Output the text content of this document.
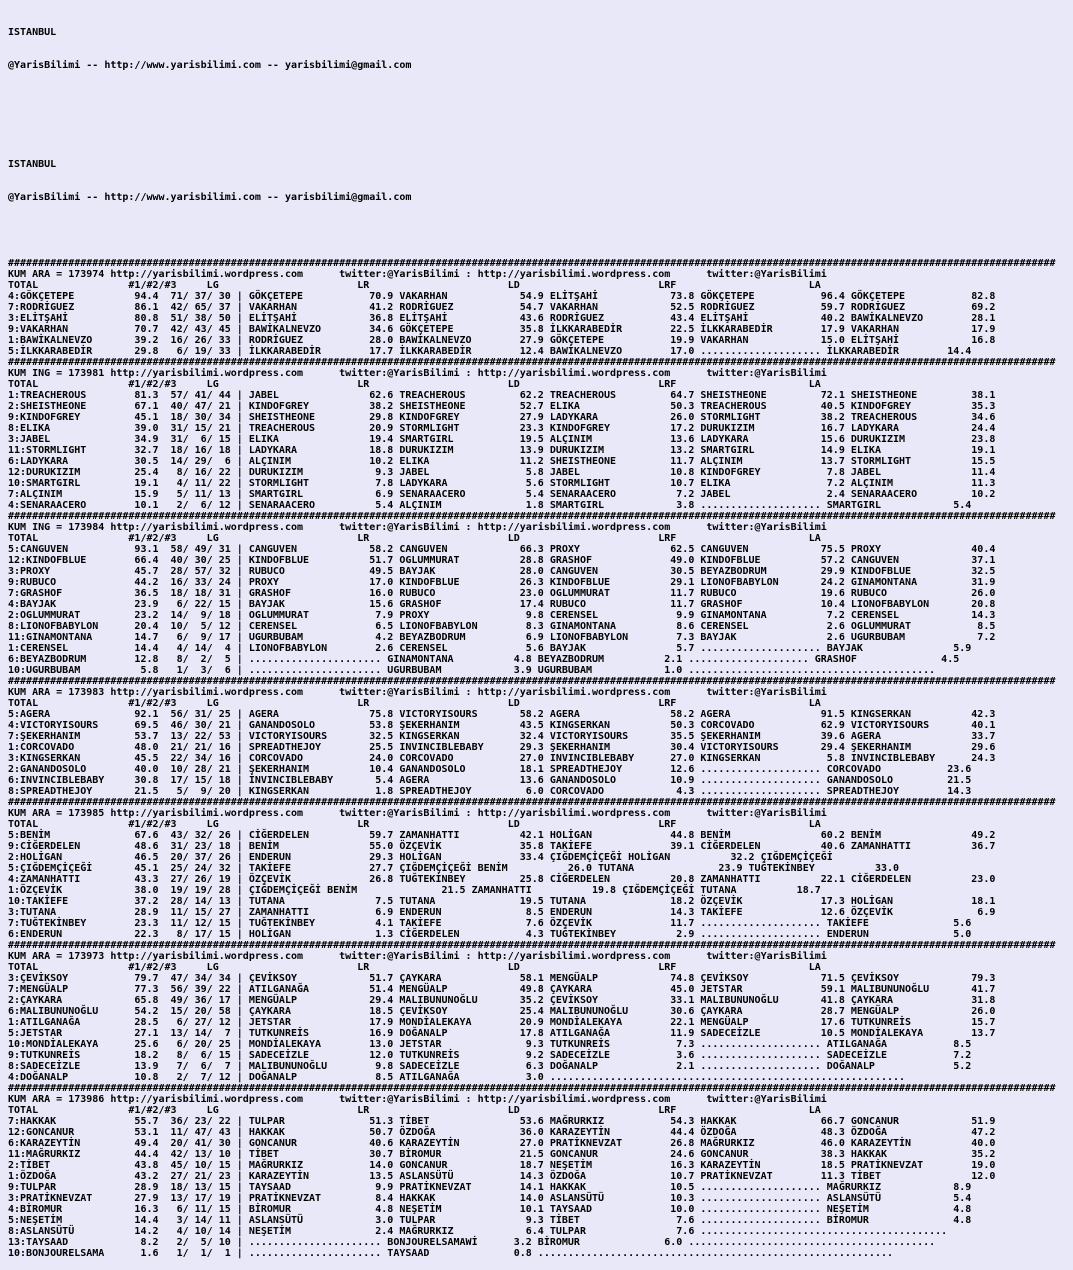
ISTANBUL

@YarisBilimi -- http://www.yarisbilimi.com -- yarisbilimi@gmail.com

ISTANBUL

@YarisBilimi -- http://www.yarisbilimi.com -- yarisbilimi@gmail.com

##############################################################################################################################################################################
KUM ARA = 173974 http://yarisbilimi.wordpress.com      twitter:@YarisBilimi : http://yarisbilimi.wordpress.com      twitter:@YarisBilimi
TOTAL               #1/#2/#3     LG                       LR                       LD                       LRF                      LA
4:GÖKÇETEPE          94.4  71/ 37/ 30 | GÖKÇETEPE           70.9 VAKARHAN            54.9 ELİTŞAHİ            73.8 GÖKÇETEPE           96.4 GÖKÇETEPE           82.8
7:RODRİGUEZ          86.1  42/ 65/ 37 | VAKARHAN            41.2 RODRİGUEZ           54.7 VAKARHAN            52.5 RODRİGUEZ           59.7 RODRİGUEZ           69.2
3:ELİTŞAHİ           80.8  51/ 38/ 50 | ELİTŞAHİ            36.8 ELİTŞAHİ            43.6 RODRİGUEZ           43.4 ELİTŞAHİ            40.2 BAWİKALNEVZO        28.1
9:VAKARHAN           70.7  42/ 43/ 45 | BAWİKALNEVZO        34.6 GÖKÇETEPE           35.8 İLKKARABEDİR        22.5 İLKKARABEDİR        17.9 VAKARHAN            17.9
1:BAWİKALNEVZO       39.2  16/ 26/ 33 | RODRİGUEZ           28.0 BAWİKALNEVZO        27.9 GÖKÇETEPE           19.9 VAKARHAN            15.0 ELİTŞAHİ            16.8
5:İLKKARABEDİR       29.8   6/ 19/ 33 | İLKKARABEDİR        17.7 İLKKARABEDİR        12.4 BAWİKALNEVZO        17.0 .................... İLKKARABEDİR        14.4
##############################################################################################################################################################################
KUM ING = 173981 http://yarisbilimi.wordpress.com      twitter:@YarisBilimi : http://yarisbilimi.wordpress.com      twitter:@YarisBilimi
TOTAL               #1/#2/#3     LG                       LR                       LD                       LRF                      LA
1:TREACHEROUS        81.3  57/ 41/ 44 | JABEL               62.6 TREACHEROUS         62.2 TREACHEROUS         64.7 SHEISTHEONE         72.1 SHEISTHEONE         38.1
2:SHEISTHEONE        67.1  40/ 47/ 21 | KINDOFGREY          38.2 SHEISTHEONE         52.7 ELIKA               50.3 TREACHEROUS         40.5 KINDOFGREY          35.3
9:KINDOFGREY         45.1  18/ 30/ 34 | SHEISTHEONE         29.8 KINDOFGREY          27.9 LADYKARA            26.0 STORMLIGHT          38.2 TREACHEROUS         34.6
8:ELIKA              39.0  31/ 15/ 21 | TREACHEROUS         20.9 STORMLIGHT          23.3 KINDOFGREY          17.2 DURUKIZIM           16.7 LADYKARA            24.4
3:JABEL              34.9  31/  6/ 15 | ELIKA               19.4 SMARTGIRL           19.5 ALÇINIM             13.6 LADYKARA            15.6 DURUKIZIM           23.8
11:STORMLIGHT        32.7  18/ 16/ 18 | LADYKARA            18.8 DURUKIZIM           13.9 DURUKIZIM           13.2 SMARTGIRL           14.9 ELIKA               19.1
6:LADYKARA           30.5  14/ 29/  6 | ALÇINIM             10.2 ELIKA               11.2 SHEISTHEONE         11.7 ALÇINIM             13.7 STORMLIGHT          15.5
12:DURUKIZIM         25.4   8/ 16/ 22 | DURUKIZIM            9.3 JABEL                5.8 JABEL               10.8 KINDOFGREY           7.8 JABEL               11.4
10:SMARTGIRL         19.1   4/ 11/ 22 | STORMLIGHT           7.8 LADYKARA             5.6 STORMLIGHT          10.7 ELIKA                7.2 ALÇINIM             11.3
7:ALÇINIM            15.9   5/ 11/ 13 | SMARTGIRL            6.9 SENARAACERO          5.4 SENARAACERO          7.2 JABEL                2.4 SENARAACERO         10.2
4:SENARAACERO        10.1   2/  6/ 12 | SENARAACERO          5.4 ALÇINIM              1.8 SMARTGIRL            3.8 .................... SMARTGIRL            5.4
##############################################################################################################################################################################
KUM ING = 173984 http://yarisbilimi.wordpress.com      twitter:@YarisBilimi : http://yarisbilimi.wordpress.com      twitter:@YarisBilimi
TOTAL               #1/#2/#3     LG                       LR                       LD                       LRF                      LA
5:CANGUVEN           93.1  58/ 49/ 31 | CANGUVEN            58.2 CANGUVEN            66.3 PROXY               62.5 CANGUVEN            75.5 PROXY               40.4
12:KINDOFBLUE        66.4  40/ 30/ 25 | KINDOFBLUE          51.7 OGLUMMURAT          28.8 GRASHOF             49.0 KINDOFBLUE          57.2 CANGUVEN            37.1
3:PROXY              45.7  28/ 57/ 32 | RUBUCO              49.5 BAYJAK              28.0 CANGUVEN            30.5 BEYAZBODRUM         29.9 KINDOFBLUE          32.5
9:RUBUCO             44.2  16/ 33/ 24 | PROXY               17.0 KINDOFBLUE          26.3 KINDOFBLUE          29.1 LIONOFBABYLON       24.2 GINAMONTANA         31.9
7:GRASHOF            36.5  18/ 18/ 31 | GRASHOF             16.0 RUBUCO              23.0 OGLUMMURAT          11.7 RUBUCO              19.6 RUBUCO              26.0
4:BAYJAK             23.9   6/ 22/ 15 | BAYJAK              15.6 GRASHOF             17.4 RUBUCO              11.7 GRASHOF             10.4 LIONOFBABYLON       20.8
2:OGLUMMURAT         23.2  14/  9/ 18 | OGLUMMURAT           7.9 PROXY                9.8 CERENSEL             9.9 GINAMONTANA          7.2 CERENSEL            14.3
8:LIONOFBABYLON      20.4  10/  5/ 12 | CERENSEL             6.5 LIONOFBABYLON        8.3 GINAMONTANA          8.6 CERENSEL             2.6 OGLUMMURAT           8.5
11:GINAMONTANA       14.7   6/  9/ 17 | UGURBUBAM            4.2 BEYAZBODRUM          6.9 LIONOFBABYLON        7.3 BAYJAK               2.6 UGURBUBAM            7.2
1:CERENSEL           14.4   4/ 14/  4 | LIONOFBABYLON        2.6 CERENSEL             5.6 BAYJAK               5.7 .................... BAYJAK               5.9
6:BEYAZBODRUM        12.8   8/  2/  5 | ...................... GINAMONTANA          4.8 BEYAZBODRUM          2.1 .................... GRASHOF              4.5
10:UGURBUBAM          5.8   1/  3/  6 | ...................... UGURBUBAM            3.9 UGURBUBAM            1.0 .........................................
##############################################################################################################################################################################
KUM ARA = 173983 http://yarisbilimi.wordpress.com      twitter:@YarisBilimi : http://yarisbilimi.wordpress.com      twitter:@YarisBilimi
TOTAL               #1/#2/#3     LG                       LR                       LD                       LRF                      LA
5:AGERA              92.1  56/ 31/ 25 | AGERA               75.8 VICTORYISOURS       58.2 AGERA               58.2 AGERA               91.5 KINGSERKAN          42.3
4:VICTORYISOURS      69.5  46/ 30/ 21 | GANANDOSOLO         53.8 ŞEKERHANIM          43.5 KINGSERKAN          50.3 CORCOVADO           62.9 VICTORYISOURS       40.1
7:ŞEKERHANIM         53.7  13/ 22/ 53 | VICTORYISOURS       32.5 KINGSERKAN          32.4 VICTORYISOURS       35.5 ŞEKERHANIM          39.6 AGERA               33.7
1:CORCOVADO          48.0  21/ 21/ 16 | SPREADTHEJOY        25.5 INVINCIBLEBABY      29.3 ŞEKERHANIM          30.4 VICTORYISOURS       29.4 ŞEKERHANIM          29.6
3:KINGSERKAN         45.5  22/ 34/ 16 | CORCOVADO           24.0 CORCOVADO           27.0 INVINCIBLEBABY      27.0 KINGSERKAN           5.8 INVINCIBLEBABY      24.3
2:GANANDOSOLO        40.0  10/ 28/ 21 | ŞEKERHANIM          10.4 GANANDOSOLO         18.1 SPREADTHEJOY        12.6 .................... CORCOVADO           23.6
6:INVINCIBLEBABY     30.8  17/ 15/ 18 | İNVINCIBLEBABY       5.4 AGERA               13.6 GANANDOSOLO         10.9 .................... GANANDOSOLO         21.5
8:SPREADTHEJOY       21.5   5/  9/ 20 | KINGSERKAN           1.8 SPREADTHEJOY         6.0 CORCOVADO            4.3 .................... SPREADTHEJOY        14.3
##############################################################################################################################################################################
KUM ARA = 173985 http://yarisbilimi.wordpress.com      twitter:@YarisBilimi : http://yarisbilimi.wordpress.com      twitter:@YarisBilimi
TOTAL               #1/#2/#3     LG                       LR                       LD                       LRF                      LA
5:BENİM              67.6  43/ 32/ 26 | CİĞERDELEN          59.7 ZAMANHATTI          42.1 HOLİGAN             44.8 BENİM               60.2 BENİM               49.2
9:CİĞERDELEN         48.6  31/ 23/ 18 | BENİM               55.0 ÖZÇEVİK             35.8 TAKİEFE             39.1 CİĞERDELEN          40.6 ZAMANHATTI          36.7
2:HOLİGAN            46.5  20/ 37/ 26 | ENDERUN             29.3 HOLİGAN             33.4 ÇIĞDEMÇİÇEĞİ HOLİGAN          32.2 ÇIĞDEMÇİÇEĞİ
5:ÇIĞDEMÇİÇEĞİ       45.1  25/ 24/ 32 | TAKİEFE             27.7 ÇIĞDEMÇİÇEĞİ BENİM          26.0 TUTANA              23.9 TUĞTEKİNBEY          33.0
4:ZAMANHATTI         43.3  27/ 26/ 19 | ÖZÇEVİK             26.8 TUĞTEKİNBEY         25.8 CİĞERDELEN          20.8 ZAMANHATTI          22.1 CİĞERDELEN          23.0
1:ÖZÇEVİK            38.0  19/ 19/ 28 | ÇIĞDEMÇİÇEĞİ BENİM              21.5 ZAMANHATTI          19.8 ÇIĞDEMÇİÇEĞİ TUTANA          18.7
10:TAKİEFE           37.2  28/ 14/ 13 | TUTANA               7.5 TUTANA              19.5 TUTANA              18.2 ÖZÇEVİK             17.3 HOLİGAN             18.1
3:TUTANA             28.9  11/ 15/ 27 | ZAMANHATTI           6.9 ENDERUN              8.5 ENDERUN             14.3 TAKİEFE             12.6 ÖZÇEVİK              6.9
7:TUĞTEKİNBEY        23.3  11/ 12/ 15 | TUĞTEKİNBEY          4.1 TAKİEFE              7.6 ÖZÇEVİK             11.7 .................... TAKİEFE              5.6
6:ENDERUN            22.3   8/ 17/ 15 | HOLİGAN              1.3 CİĞERDELEN           4.3 TUĞTEKİNBEY          2.9 .................... ENDERUN              5.0
##############################################################################################################################################################################
KUM ARA = 173973 http://yarisbilimi.wordpress.com      twitter:@YarisBilimi : http://yarisbilimi.wordpress.com      twitter:@YarisBilimi
TOTAL               #1/#2/#3     LG                       LR                       LD                       LRF                      LA
3:ÇEVİKSOY           79.7  47/ 34/ 34 | ÇEVİKSOY            51.7 ÇAYKARA             58.1 MENGÜALP            74.8 ÇEVİKSOY            71.5 ÇEVİKSOY            79.3
7:MENGÜALP           77.3  56/ 39/ 22 | ATILGANAĞA          51.4 MENGÜALP            49.8 ÇAYKARA             45.0 JETSTAR             59.1 MALIBUNUNOĞLU       41.7
2:ÇAYKARA            65.8  49/ 36/ 17 | MENGÜALP            29.4 MALIBUNUNOĞLU       35.2 ÇEVİKSOY            33.1 MALIBUNUNOĞLU       41.8 ÇAYKARA             31.8
6:MALIBUNUNOĞLU      54.2  15/ 20/ 58 | ÇAYKARA             18.5 ÇEVİKSOY            25.4 MALIBUNUNOĞLU       30.6 ÇAYKARA             28.7 MENGÜALP            26.0
1:ATILGANAĞA         28.5   6/ 27/ 12 | JETSTAR             17.9 MONDİALEKAYA        20.9 MONDİALEKAYA        22.1 MENGÜALP            17.6 TUTKUNREİS          15.7
5:JETSTAR            27.1  13/ 14/  7 | TUTKUNREİS          16.9 DOĞANALP            17.8 ATILGANAĞA          11.9 SADECEİZLE          10.5 MONDİALEKAYA        13.7
10:MONDİALEKAYA      25.6   6/ 20/ 25 | MONDİALEKAYA        13.0 JETSTAR              9.3 TUTKUNREİS           7.3 .................... ATILGANAĞA           8.5
9:TUTKUNREİS         18.2   8/  6/ 15 | SADECEİZLE          12.0 TUTKUNREİS           9.2 SADECEİZLE           3.6 .................... SADECEİZLE           7.2
8:SADECEİZLE         13.9   7/  6/  7 | MALIBUNUNOĞLU        9.8 SADECEİZLE           6.3 DOĞANALP             2.1 .................... DOĞANALP             5.2
4:DOĞANALP           10.8   2/  7/ 12 | DOĞANALP             8.5 ATILGANAĞA           3.0 ...........................................................
##############################################################################################################################################################################
KUM ARA = 173986 http://yarisbilimi.wordpress.com      twitter:@YarisBilimi : http://yarisbilimi.wordpress.com      twitter:@YarisBilimi
TOTAL               #1/#2/#3     LG                       LR                       LD                       LRF                      LA
7:HAKKAK             55.7  36/ 23/ 22 | TULPAR              51.3 TİBET               53.6 MAĞRURKIZ           54.3 HAKKAK              66.7 GONCANUR            51.9
12:GONCANUR          53.1  11/ 47/ 43 | HAKKAK              50.7 ÖZDOĞA              36.0 KARAZEYTİN          44.4 ÖZDOĞA              48.3 ÖZDOĞA              47.2
6:KARAZEYTİN         49.4  20/ 41/ 30 | GONCANUR            40.6 KARAZEYTİN          27.0 PRATİKNEVZAT        26.8 MAĞRURKIZ           46.0 KARAZEYTİN          40.0
11:MAĞRURKIZ         44.4  42/ 13/ 10 | TİBET               30.7 BİROMUR             21.5 GONCANUR            24.6 GONCANUR            38.3 HAKKAK              35.2
2:TİBET              43.8  45/ 10/ 15 | MAĞRURKIZ           14.0 GONCANUR            18.7 NEŞETİM             16.3 KARAZEYTİN          18.5 PRATİKNEVZAT        19.0
1:ÖZDOĞA             43.2  27/ 21/ 23 | KARAZEYTİN          13.5 ASLANSÜTÜ           14.3 ÖZDOĞA              10.7 PRATİKNEVZAT        11.3 TİBET               12.0
9:TULPAR             28.9  18/ 13/ 15 | TAYSAAD              9.9 PRATİKNEVZAT        14.1 HAKKAK              10.5 .................... MAĞRURKIZ            8.9
3:PRATİKNEVZAT       27.9  13/ 17/ 19 | PRATİKNEVZAT         8.4 HAKKAK              14.0 ASLANSÜTÜ           10.3 .................... ASLANSÜTÜ            5.4
4:BİROMUR            16.3   6/ 11/ 15 | BİROMUR              4.8 NEŞETİM             10.1 TAYSAAD             10.0 .................... NEŞETİM              4.8
5:NEŞETİM            14.4   3/ 14/ 11 | ASLANSÜTÜ            3.0 TULPAR               9.3 TİBET                7.6 .................... BİROMUR              4.8
8:ASLANSÜTÜ          14.2   4/ 10/ 14 | NEŞETİM              2.4 MAĞRURKIZ            6.4 TULPAR               7.6 .........................................
13:TAYSAAD            8.2   2/  5/ 10 | ...................... BONJOURELSAMAWİ      3.2 BİROMUR              6.0 .........................................
10:BONJOURELSAMA      1.6   1/  1/  1 | ...................... TAYSAAD              0.8 ...........................................................
